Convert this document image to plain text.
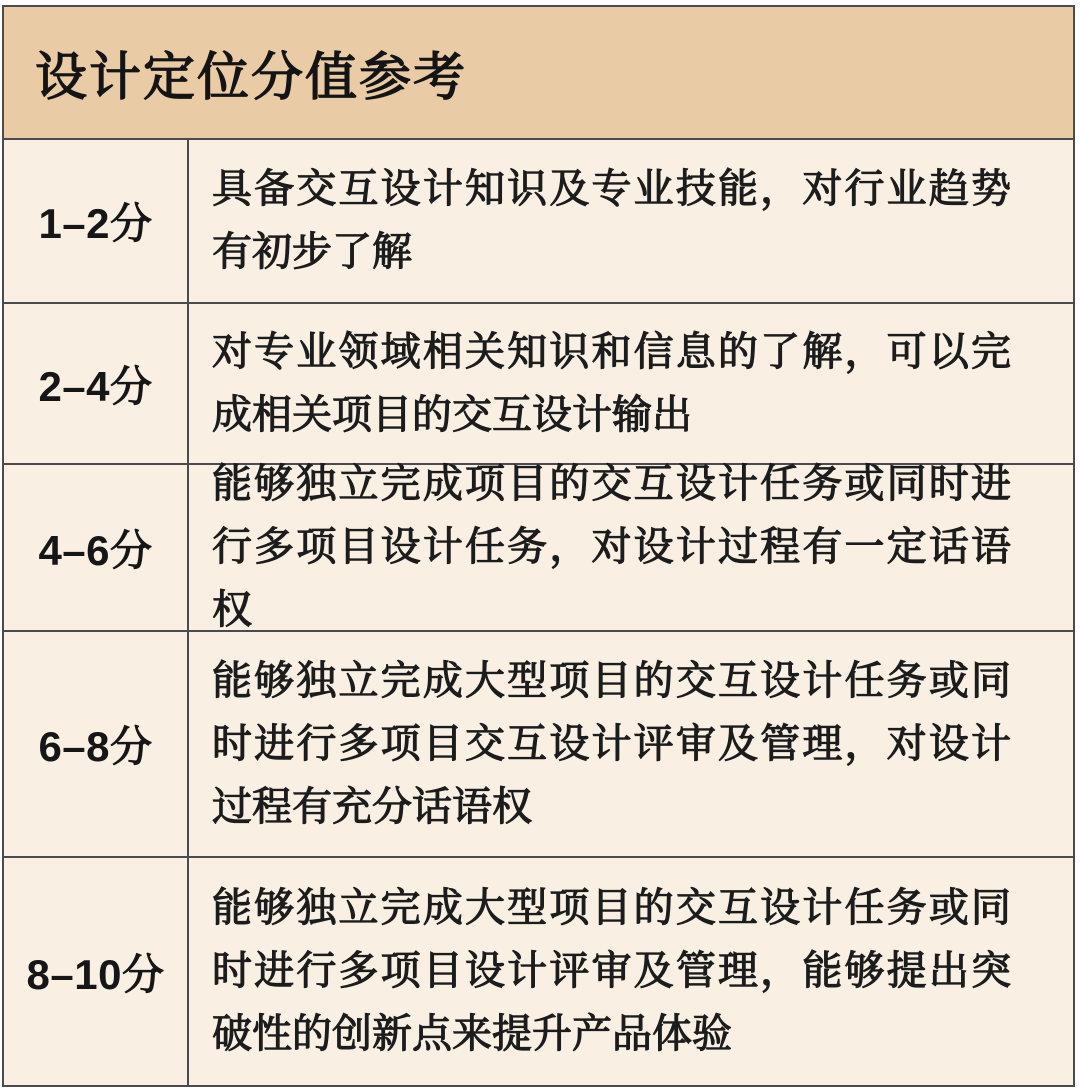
设计定位分值参考
1–2分
具备交互设计知识及专业技能，对行业趋势有初步了解
2–4分
对专业领域相关知识和信息的了解，可以完成相关项目的交互设计输出
4–6分
能够独立完成项目的交互设计任务或同时进行多项目设计任务，对设计过程有一定话语权
6–8分
能够独立完成大型项目的交互设计任务或同时进行多项目交互设计评审及管理，对设计过程有充分话语权
8–10分
能够独立完成大型项目的交互设计任务或同时进行多项目设计评审及管理，能够提出突破性的创新点来提升产品体验
